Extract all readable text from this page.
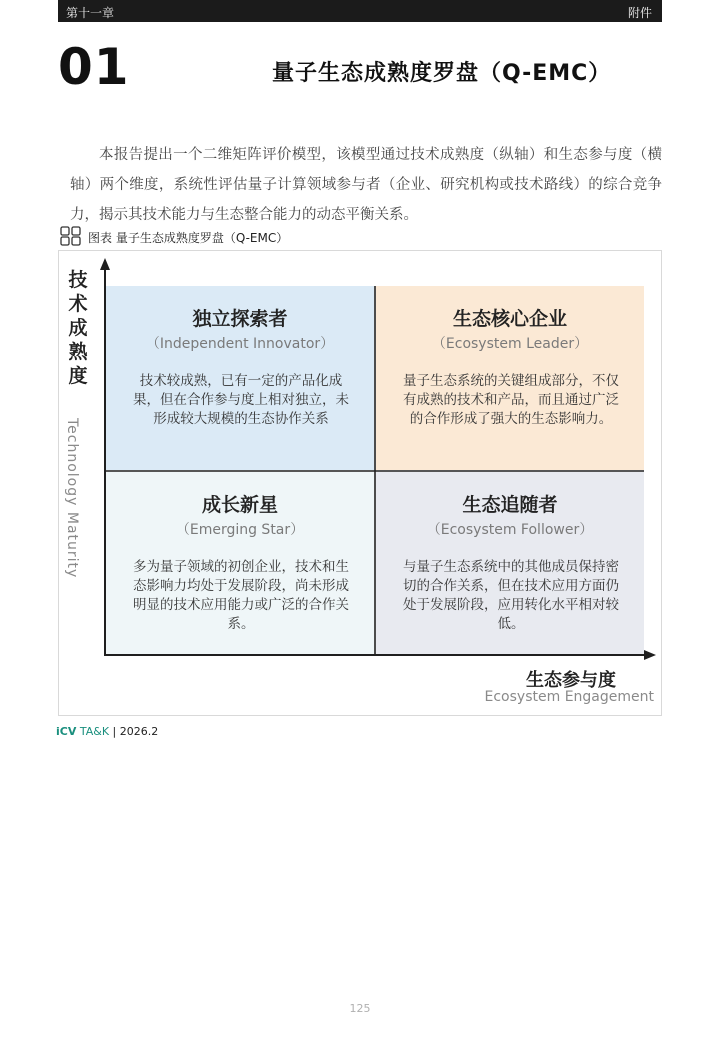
第十一章	附件
01	量子生态成熟度罗盘（Q-EMC）
本报告提出一个二维矩阵评价模型，该模型通过技术成熟度（纵轴）和生态参与度（横轴）两个维度，系统性评估量子计算领域参与者（企业、研究机构或技术路线）的综合竞争力，揭示其技术能力与生态整合能力的动态平衡关系。
图表 量子生态成熟度罗盘（Q-EMC）
独立探索者
（Independent Innovator）
技术较成熟，已有一定的产品化成果，但在合作参与度上相对独立，未形成较大规模的生态协作关系
生态核心企业
（Ecosystem Leader）
量子生态系统的关键组成部分，不仅有成熟的技术和产品，而且通过广泛的合作形成了强大的生态影响力。
成长新星
（Emerging Star）
多为量子领域的初创企业，技术和生态影响力均处于发展阶段，尚未形成明显的技术应用能力或广泛的合作关系。
生态追随者
（Ecosystem Follower）
与量子生态系统中的其他成员保持密切的合作关系，但在技术应用方面仍处于发展阶段，应用转化水平相对较低。
技术成熟度
Technology Maturity
生态参与度
Ecosystem Engagement
iCV TA&K | 2026.2
125
